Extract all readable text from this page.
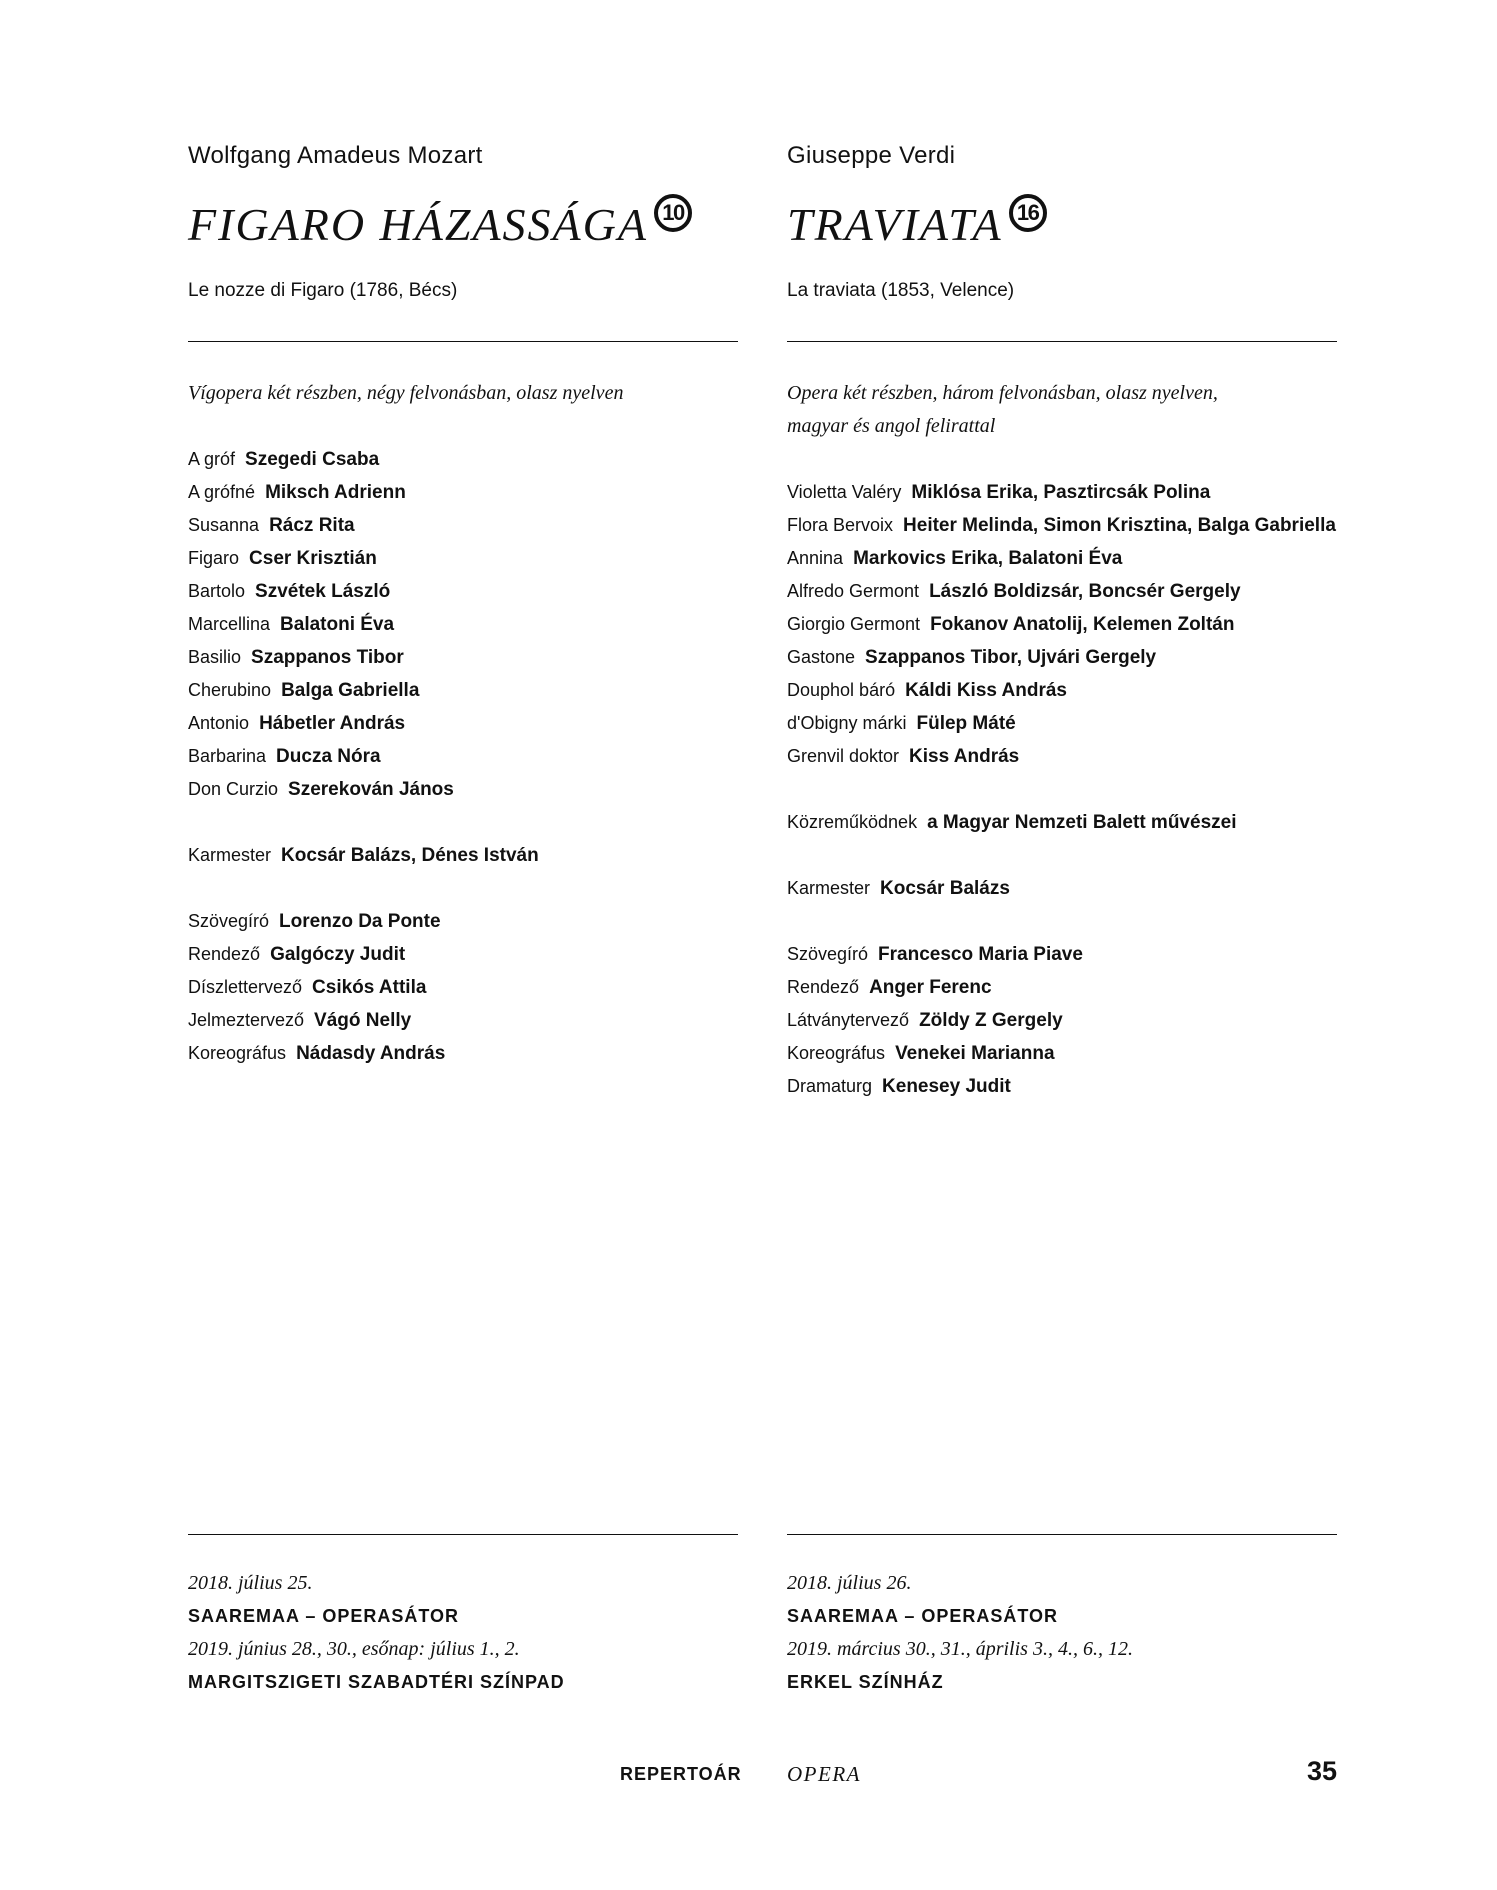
Wolfgang Amadeus Mozart
FIGARO HÁZASSÁGA 10
Le nozze di Figaro (1786, Bécs)
Vígopera két részben, négy felvonásban, olasz nyelven
A gróf Szegedi Csaba
A grófné Miksch Adrienn
Susanna Rácz Rita
Figaro Cser Krisztián
Bartolo Szvétek László
Marcellina Balatoni Éva
Basilio Szappanos Tibor
Cherubino Balga Gabriella
Antonio Hábetler András
Barbarina Ducza Nóra
Don Curzio Szerekován János
Karmester Kocsár Balázs, Dénes István
Szövegíró Lorenzo Da Ponte
Rendező Galgóczy Judit
Díszlettervező Csikós Attila
Jelmeztervező Vágó Nelly
Koreográfus Nádasdy András
2018. július 25.
SAAREMAA – OPERASÁTOR
2019. június 28., 30., esőnap: július 1., 2.
MARGITSZIGETI SZABADTÉRI SZÍNPAD
Giuseppe Verdi
TRAVIATA 16
La traviata (1853, Velence)
Opera két részben, három felvonásban, olasz nyelven,
magyar és angol felirattal
Violetta Valéry Miklósa Erika, Pasztircsák Polina
Flora Bervoix Heiter Melinda, Simon Krisztina, Balga Gabriella
Annina Markovics Erika, Balatoni Éva
Alfredo Germont László Boldizsár, Boncsér Gergely
Giorgio Germont Fokanov Anatolij, Kelemen Zoltán
Gastone Szappanos Tibor, Ujvári Gergely
Douphol báró Káldi Kiss András
d'Obigny márki Fülep Máté
Grenvil doktor Kiss András
Közreműködnek a Magyar Nemzeti Balett művészei
Karmester Kocsár Balázs
Szövegíró Francesco Maria Piave
Rendező Anger Ferenc
Látványtervező Zöldy Z Gergely
Koreográfus Venekei Marianna
Dramaturg Kenesey Judit
2018. július 26.
SAAREMAA – OPERASÁTOR
2019. március 30., 31., április 3., 4., 6., 12.
ERKEL SZÍNHÁZ
REPERTOÁR OPERA	35
